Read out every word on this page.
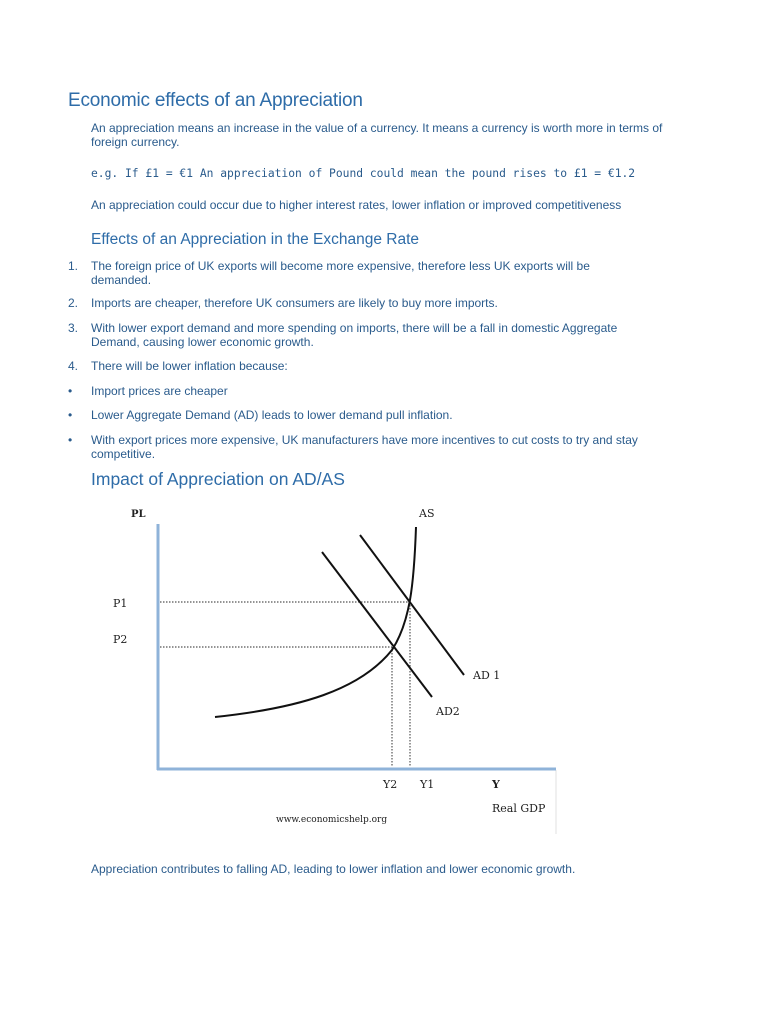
Economic effects of an Appreciation

An appreciation means an increase in the value of a currency. It means a currency is worth more in terms of foreign currency.

e.g. If £1 = €1 An appreciation of Pound could mean the pound rises to £1 = €1.2

An appreciation could occur due to higher interest rates, lower inflation or improved competitiveness

Effects of an Appreciation in the Exchange Rate
1.	The foreign price of UK exports will become more expensive, therefore less UK exports will be demanded.
2.	Imports are cheaper, therefore UK consumers are likely to buy more imports.
3.	With lower export demand and more spending on imports, there will be a fall in domestic Aggregate Demand, causing lower economic growth.
4.	There will be lower inflation because:
•	Import prices are cheaper
•	Lower Aggregate Demand (AD) leads to lower demand pull inflation.
•	With export prices more expensive, UK manufacturers have more incentives to cut costs to try and stay competitive.
Impact of Appreciation on AD/AS
PL	AS
P1
P2
AD 1
AD2
Y2 Y1	Y
Real GDP
www.economicshelp.org

Appreciation contributes to falling AD, leading to lower inflation and lower economic growth.
